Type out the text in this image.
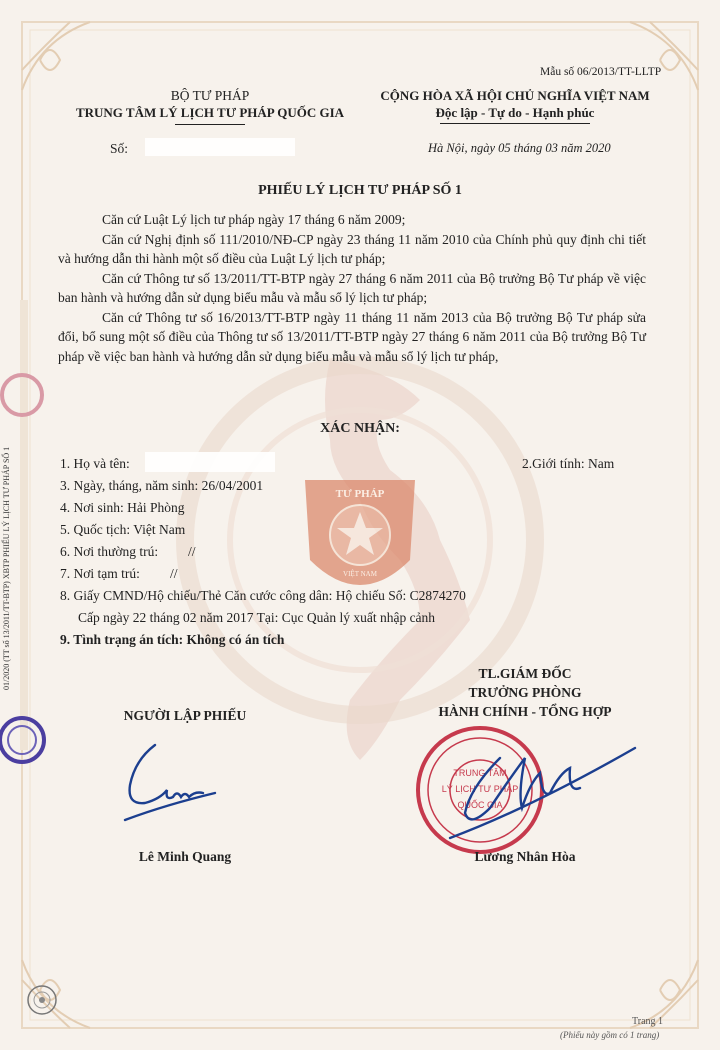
TƯ PHÁP
VIỆT NAM
01/2020 (TT số 13/2011/TT-BTP) XBTP PHIẾU LÝ LỊCH TƯ PHÁP SỐ 1
Mẫu số 06/2013/TT-LLTP
BỘ TƯ PHÁP
TRUNG TÂM LÝ LỊCH TƯ PHÁP QUỐC GIA
Số:
CỘNG HÒA XÃ HỘI CHỦ NGHĨA VIỆT NAM
Độc lập - Tự do - Hạnh phúc
Hà Nội, ngày 05 tháng 03 năm 2020
PHIẾU LÝ LỊCH TƯ PHÁP SỐ 1

Căn cứ Luật Lý lịch tư pháp ngày 17 tháng 6 năm 2009;

Căn cứ Nghị định số 111/2010/NĐ-CP ngày 23 tháng 11 năm 2010 của Chính phủ quy định chi tiết và hướng dẫn thi hành một số điều của Luật Lý lịch tư pháp;

Căn cứ Thông tư số 13/2011/TT-BTP ngày 27 tháng 6 năm 2011 của Bộ trưởng Bộ Tư pháp về việc ban hành và hướng dẫn sử dụng biểu mẫu và mẫu sổ lý lịch tư pháp;

Căn cứ Thông tư số 16/2013/TT-BTP ngày 11 tháng 11 năm 2013 của Bộ trưởng Bộ Tư pháp sửa đổi, bổ sung một số điều của Thông tư số 13/2011/TT-BTP ngày 27 tháng 6 năm 2011 của Bộ trưởng Bộ Tư pháp về việc ban hành và hướng dẫn sử dụng biểu mẫu và mẫu sổ lý lịch tư pháp,

XÁC NHẬN:
1. Họ và tên:	2.Giới tính: Nam
3. Ngày, tháng, năm sinh: 26/04/2001
4. Nơi sinh: Hải Phòng
5. Quốc tịch: Việt Nam
6. Nơi thường trú: //
7. Nơi tạm trú: //
8. Giấy CMND/Hộ chiếu/Thẻ Căn cước công dân: Hộ chiếu Số: C2874270
Cấp ngày 22 tháng 02 năm 2017 Tại: Cục Quản lý xuất nhập cảnh
9. Tình trạng án tích: Không có án tích
TL.GIÁM ĐỐC
TRƯỞNG PHÒNG
HÀNH CHÍNH - TỔNG HỢP
NGƯỜI LẬP PHIẾU
TRUNG TÂM
LÝ LỊCH TƯ PHÁP
QUỐC GIA
Lê Minh Quang	Lương Nhân Hòa
Trang 1
(Phiếu này gồm có 1 trang)
